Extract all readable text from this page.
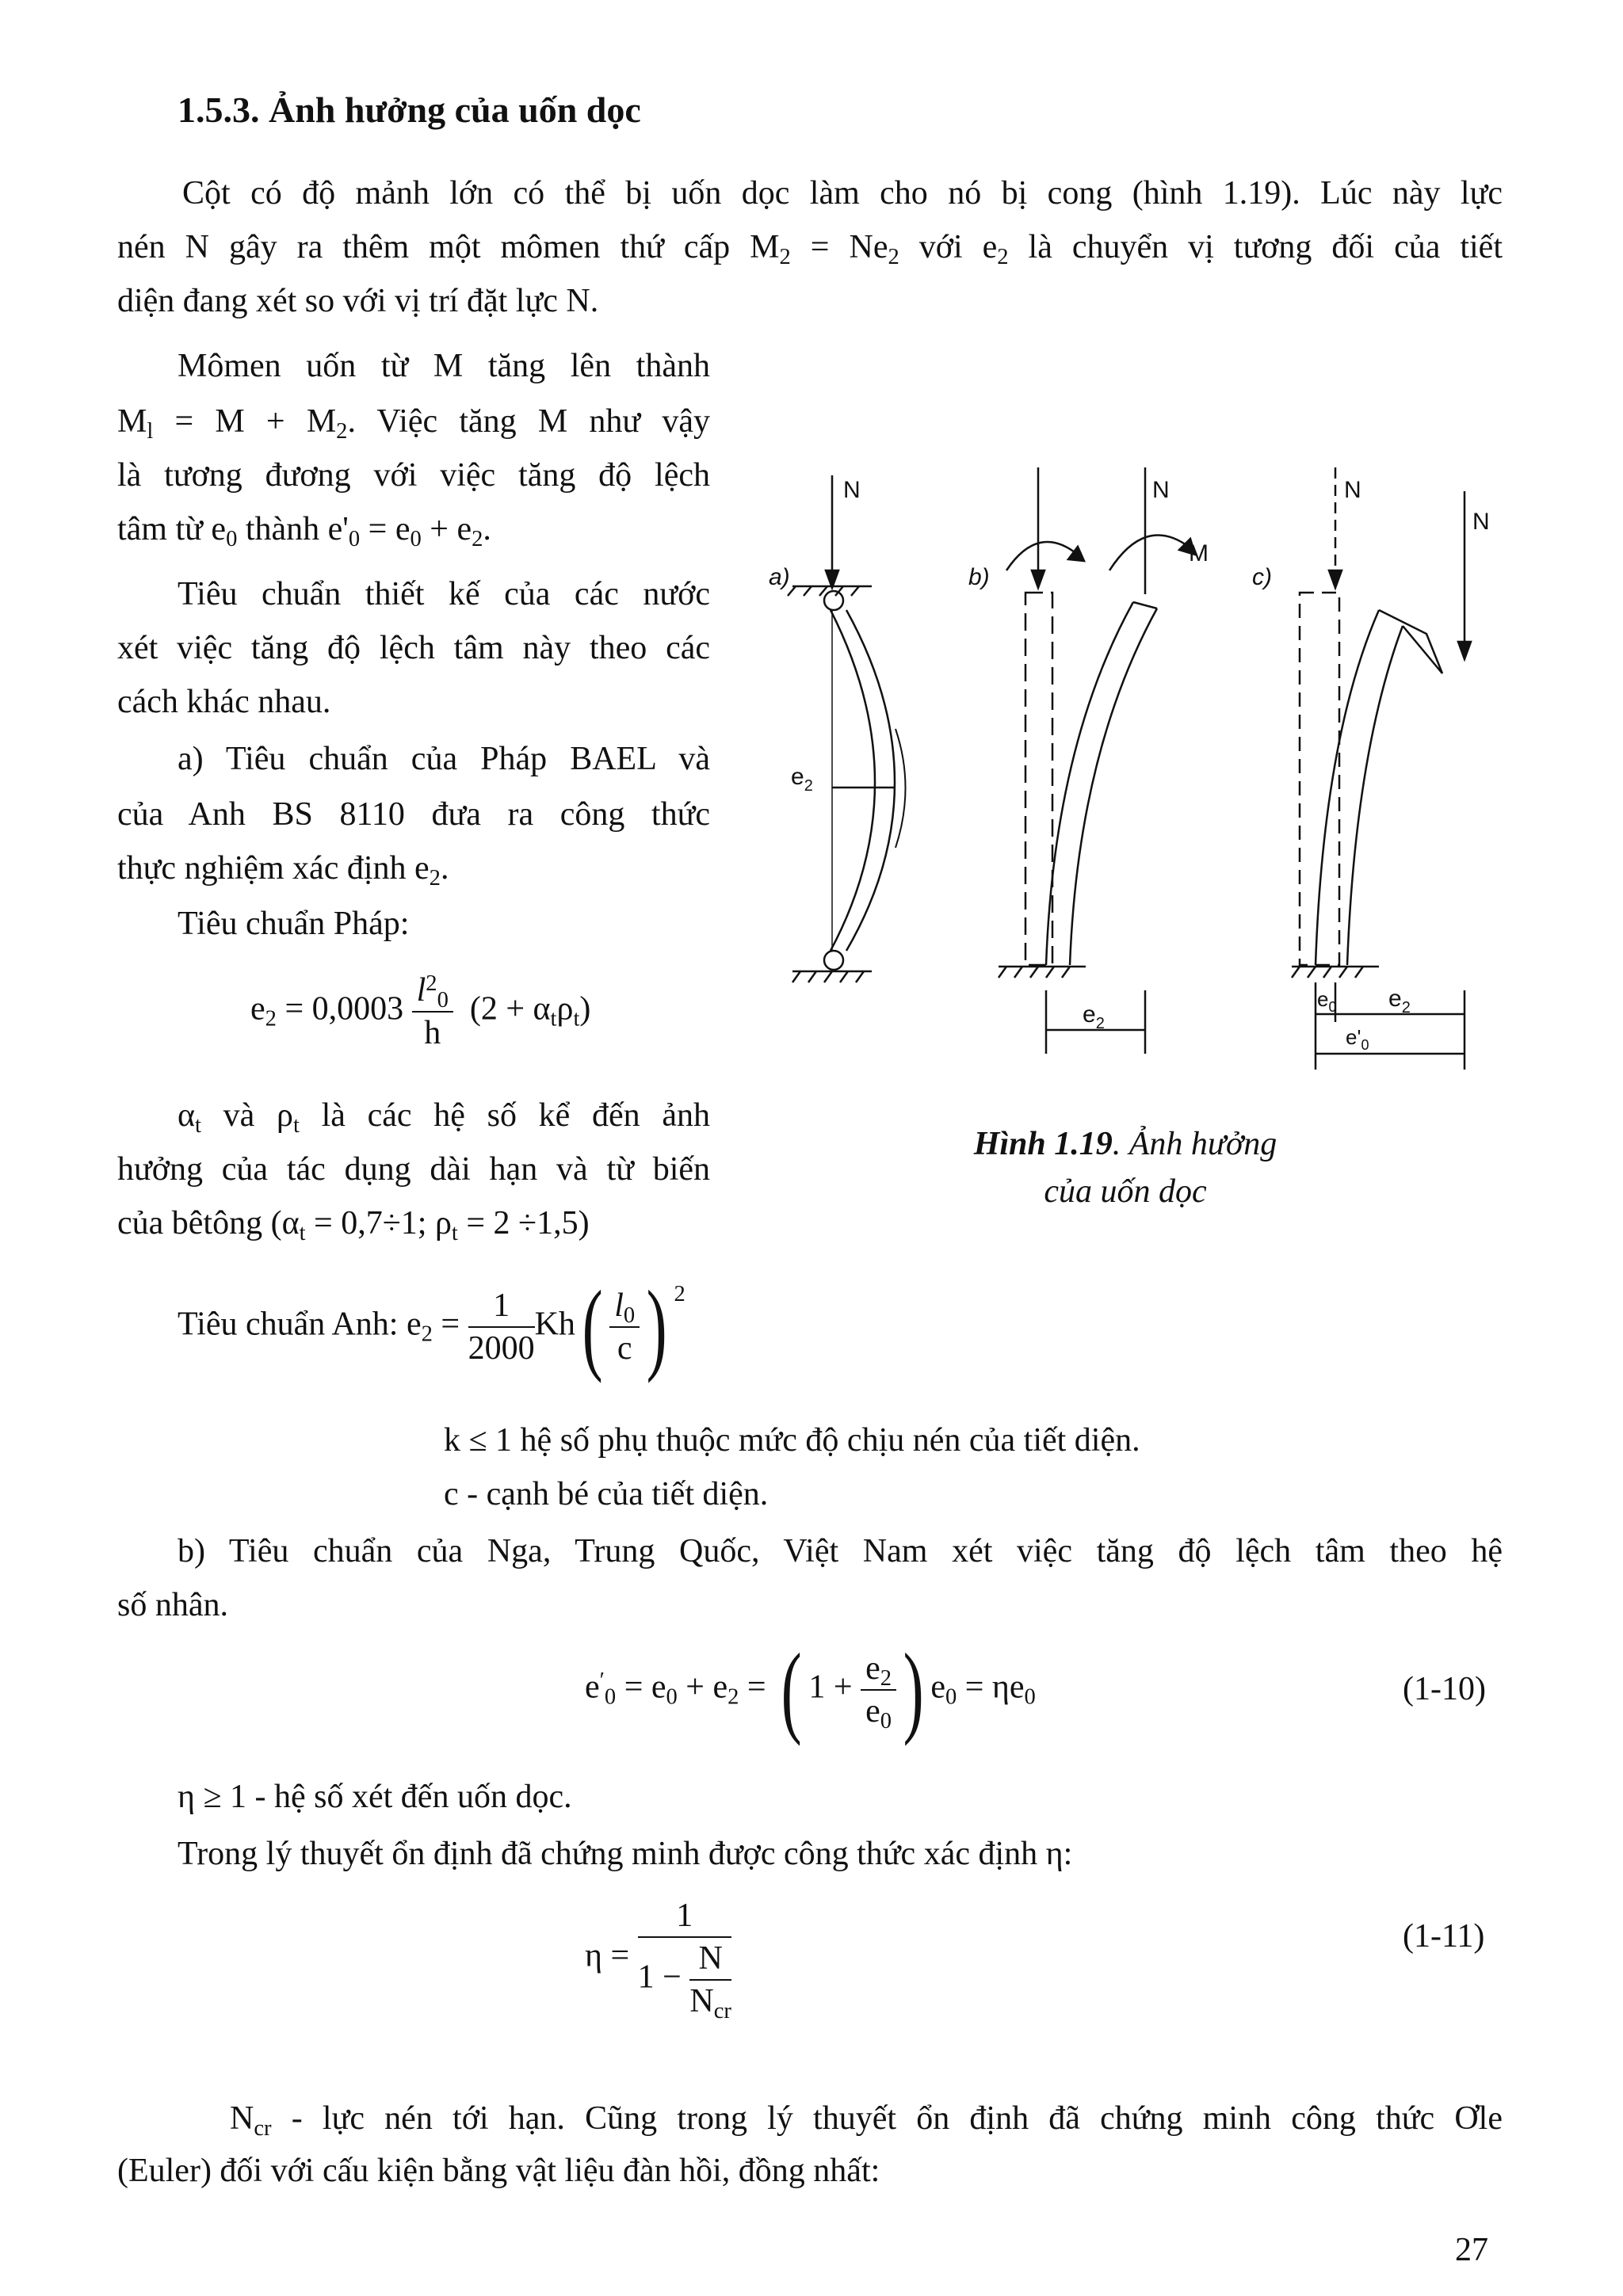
1.5.3. Ảnh hưởng của uốn dọc
Cột có độ mảnh lớn có thể bị uốn dọc làm cho nó bị cong (hình 1.19). Lúc này lực
nén N gây ra thêm một mômen thứ cấp $M_2 = Ne_2$ với $e_2$ là chuyển vị tương đối của tiết
diện đang xét so với vị trí đặt lực N.
Mômen uốn từ M tăng lên thành
$M_l = M + M_2$. Việc tăng M như vậy
là tương đương với việc tăng độ lệch
tâm từ $e_0$ thành $e'_0 = e_0 + e_2$.
Tiêu chuẩn thiết kế của các nước
xét việc tăng độ lệch tâm này theo các
cách khác nhau.
a) Tiêu chuẩn của Pháp BAEL và
của Anh BS 8110 đưa ra công thức
thực nghiệm xác định $e_2$.
Tiêu chuẩn Pháp:
$e_2 = 0,0003 \frac{l^2_0}{h} (2 + \alpha_t\rho_t)$
$\alpha_t$ và $\rho_t$ là các hệ số kể đến ảnh
hưởng của tác dụng dài hạn và từ biến
của bêtông ($\alpha_t = 0,7\div 1$; $\rho_t = 2 \div 1,5$)
Tiêu chuẩn Anh: $e_2 = \frac{1}{2000} Kh( \frac{l_0}{c}$ ) $^2$
k ≤ 1 hệ số phụ thuộc mức độ chịu nén của tiết diện.
c - cạnh bé của tiết diện.
b) Tiêu chuẩn của Nga, Trung Quốc, Việt Nam xét việc tăng độ lệch tâm theo hệ
số nhân.
$e'_0 = e_0 + e_2$ = ( $1 + \frac{e_2}{e_0}$ ) $e_0 = \eta e_0$	(1-10)
η ≥ 1 - hệ số xét đến uốn dọc.
Trong lý thuyết ổn định đã chứng minh được công thức xác định η:
$\eta = \frac{1}{1 - \frac{N}{N_{cr}}}$	(1-11)
$N_{cr}$ - lực nén tới hạn. Cũng trong lý thuyết ổn định đã chứng minh công thức Ơle
(Euler) đối với cấu kiện bằng vật liệu đàn hồi, đồng nhất:
27
N
a)
$e_2$
b)
N
M
$e_2$
c)
N
N
$e_0$ $e_2$
$e'_0$
Hình 1.19. Ảnh hưởng
của uốn dọc
